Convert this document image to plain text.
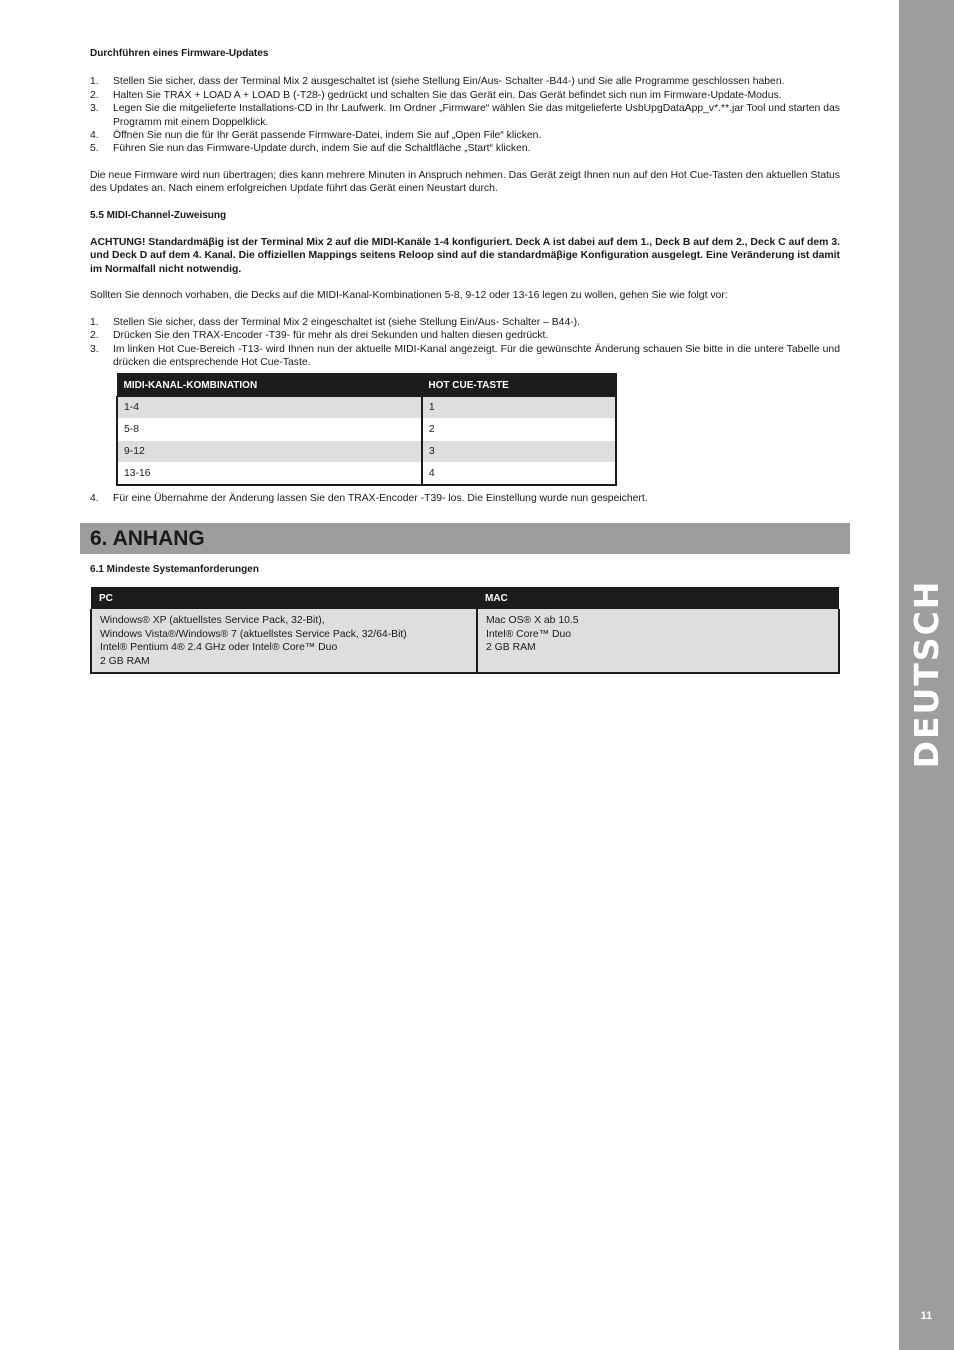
DEUTSCH
11
Durchführen eines Firmware-Updates
1. Stellen Sie sicher, dass der Terminal Mix 2 ausgeschaltet ist (siehe Stellung Ein/Aus- Schalter -B44-) und Sie alle Programme geschlossen haben.
2. Halten Sie TRAX + LOAD A + LOAD B (-T28-) gedrückt und schalten Sie das Gerät ein. Das Gerät befindet sich nun im Firmware-Update-Modus.
3. Legen Sie die mitgelieferte Installations-CD in Ihr Laufwerk. Im Ordner „Firmware“ wählen Sie das mitgelieferte UsbUpgDataApp_v*.**.jar Tool und starten das Programm mit einem Doppelklick.
4. Öffnen Sie nun die für Ihr Gerät passende Firmware-Datei, indem Sie auf „Open File“ klicken.
5. Führen Sie nun das Firmware-Update durch, indem Sie auf die Schaltfläche „Start“ klicken.

Die neue Firmware wird nun übertragen; dies kann mehrere Minuten in Anspruch nehmen. Das Gerät zeigt Ihnen nun auf den Hot Cue-Tasten den aktuellen Status des Updates an. Nach einem erfolgreichen Update führt das Gerät einen Neustart durch.

5.5 MIDI-Channel-Zuweisung

ACHTUNG! Standardmäβig ist der Terminal Mix 2 auf die MIDI-Kanäle 1-4 konfiguriert. Deck A ist dabei auf dem 1., Deck B auf dem 2., Deck C auf dem 3. und Deck D auf dem 4. Kanal. Die offiziellen Mappings seitens Reloop sind auf die standardmäβige Konfiguration ausgelegt. Eine Veränderung ist damit im Normalfall nicht notwendig.

Sollten Sie dennoch vorhaben, die Decks auf die MIDI-Kanal-Kombinationen 5-8, 9-12 oder 13-16 legen zu wollen, gehen Sie wie folgt vor:

1. Stellen Sie sicher, dass der Terminal Mix 2 eingeschaltet ist (siehe Stellung Ein/Aus- Schalter – B44-).
2. Drücken Sie den TRAX-Encoder -T39- für mehr als drei Sekunden und halten diesen gedrückt.
3. Im linken Hot Cue-Bereich -T13- wird Ihnen nun der aktuelle MIDI-Kanal angezeigt. Für die gewünschte Änderung schauen Sie bitte in die untere Tabelle und drücken die entsprechende Hot Cue-Taste.
MIDI-KANAL-KOMBINATION	HOT CUE-TASTE
1-4	1
5-8	2
9-12	3
13-16	4
4. Für eine Übernahme der Änderung lassen Sie den TRAX-Encoder -T39- los. Die Einstellung wurde nun gespeichert.
6. ANHANG
6.1 Mindeste Systemanforderungen
PC	MAC

Windows® XP (aktuellstes Service Pack, 32-Bit),
Windows Vista®/Windows® 7 (aktuellstes Service Pack, 32/64-Bit)
Intel® Pentium 4® 2.4 GHz oder Intel® Core™ Duo
2 GB RAM	Mac OS® X ab 10.5
Intel® Core™ Duo
2 GB RAM
